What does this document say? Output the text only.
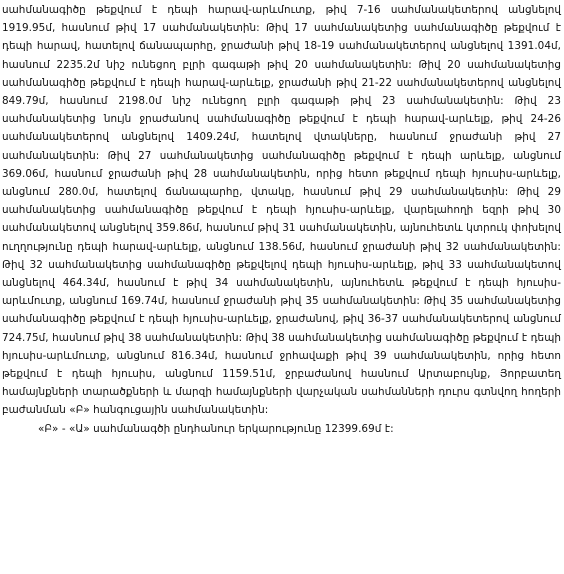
սահմանագիծը թեքվում է դեպի հարավ-արևմուտք, թիվ 7-16 սահմանակետերով անցնելով 1919.95մ, հասնում թիվ 17 սահմանակետին: Թիվ 17 սահմանակետից սահմանագիծը թեքվում է դեպի հարավ, հատելով ճանապարհը, ջրաժանի թիվ 18-19 սահմանակետերով անցնելով 1391.04մ, հասնում 2235.2մ նիշ ունեցող բլրի գագաթի թիվ 20 սահմանակետին: Թիվ 20 սահմանակետից սահմանագիծը թեքվում է դեպի հարավ-արևելք, ջրաժանի թիվ 21-22 սահմանակետերով անցնելով 849.79մ, հասնում 2198.0մ նիշ ունեցող բլրի գագաթի թիվ 23 սահմանակետին: Թիվ 23 սահմանակետից նույն ջրաժանով սահմանագիծը թեքվում է դեպի հարավ-արևելք, թիվ 24-26 սահմանակետերով անցնելով 1409.24մ, հատելով վտակները, հասնում ջրաժանի թիվ 27 սահմանակետին: Թիվ 27 սահմանակետից սահմանագիծը թեքվում է դեպի արևելք, անցնում 369.06մ, հասնում ջրաժանի թիվ 28 սահմանակետին, որից հետո թեքվում դեպի հյուսիս-արևելք, անցնում 280.0մ, հատելով ճանապարհը, վտակը, հասնում թիվ 29 սահմանակետին: Թիվ 29 սահմանակետից սահմանագիծը թեքվում է դեպի հյուսիս-արևելք, վարելահողի եզրի թիվ 30 սահմանակետով անցնելով 359.86մ, հասնում թիվ 31 սահմանակետին, այնուհետև կտրուկ փոխելով ուղղությունը դեպի հարավ-արևելք, անցնում 138.56մ, հասնում ջրաժանի թիվ 32 սահմանակետին: Թիվ 32 սահմանակետից սահմանագիծը թեքվելով դեպի հյուսիս-արևելք, թիվ 33 սահմանակետով անցնելով 464.34մ, հասնում է թիվ 34 սահմանակետին, այնուհետև թեքվում է դեպի հյուսիս-արևմուտք, անցնում 169.74մ, հասնում ջրաժանի թիվ 35 սահմանակետին: Թիվ 35 սահմանակետից սահմանագիծը թեքվում է դեպի հյուսիս-արևելք, ջրաժանով, թիվ 36-37 սահմանակետերով անցնում 724.75մ, հասնում թիվ 38 սահմանակետին: Թիվ 38 սահմանակետից սահմանագիծը թեքվում է դեպի հյուսիս-արևմուտք, անցնում 816.34մ, հասնում ջրհավաքի թիվ 39 սահմանակետին, որից հետո թեքվում է դեպի հյուսիս, անցնում 1159.51մ, ջրբաժանով հասնում Արտաբույնք, Յորբատեղ համայնքների տարածքների և մարզի համայնքների վարչական սահմանների դուրս գտնվող հողերի բաժանման «Բ» հանգուցային սահմանակետին:

«Բ» - «Ա» սահմանագծի ընդհանուր երկարությունը 12399.69մ է:
